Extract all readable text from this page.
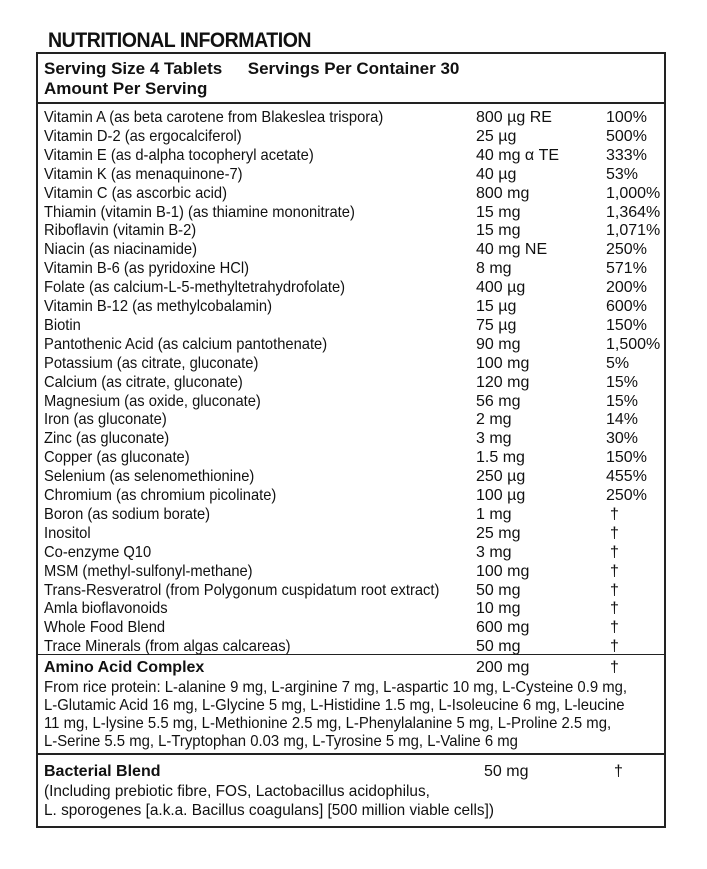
NUTRITIONAL INFORMATION
Serving Size 4 Tablets Servings Per Container 30
Amount Per Serving
Vitamin A (as beta carotene from Blakeslea trispora)	800 µg RE	100%
Vitamin D-2 (as ergocalciferol)	25 µg	500%
Vitamin E (as d-alpha tocopheryl acetate)	40 mg α TE	333%
Vitamin K (as menaquinone-7)	40 µg	53%
Vitamin C (as ascorbic acid)	800 mg	1,000%
Thiamin (vitamin B-1) (as thiamine mononitrate)	15 mg	1,364%
Riboflavin (vitamin B-2)	15 mg	1,071%
Niacin (as niacinamide)	40 mg NE	250%
Vitamin B-6 (as pyridoxine HCl)	8 mg	571%
Folate (as calcium-L-5-methyltetrahydrofolate)	400 µg	200%
Vitamin B-12 (as methylcobalamin)	15 µg	600%
Biotin	75 µg	150%
Pantothenic Acid (as calcium pantothenate)	90 mg	1,500%
Potassium (as citrate, gluconate)	100 mg	5%
Calcium (as citrate, gluconate)	120 mg	15%
Magnesium (as oxide, gluconate)	56 mg	15%
Iron (as gluconate)	2 mg	14%
Zinc (as gluconate)	3 mg	30%
Copper (as gluconate)	1.5 mg	150%
Selenium (as selenomethionine)	250 µg	455%
Chromium (as chromium picolinate)	100 µg	250%
Boron (as sodium borate)	1 mg	†
Inositol	25 mg	†
Co-enzyme Q10	3 mg	†
MSM (methyl-sulfonyl-methane)	100 mg	†
Trans-Resveratrol (from Polygonum cuspidatum root extract) 50 mg	†
Amla bioflavonoids	10 mg	†
Whole Food Blend	600 mg	†
Trace Minerals (from algas calcareas)	50 mg	†
Amino Acid Complex	200 mg	†
From rice protein: L-alanine 9 mg, L-arginine 7 mg, L-aspartic 10 mg, L-Cysteine 0.9 mg,
L-Glutamic Acid 16 mg, L-Glycine 5 mg, L-Histidine 1.5 mg, L-Isoleucine 6 mg, L-leucine
11 mg, L-lysine 5.5 mg, L-Methionine 2.5 mg, L-Phenylalanine 5 mg, L-Proline 2.5 mg,
L-Serine 5.5 mg, L-Tryptophan 0.03 mg, L-Tyrosine 5 mg, L-Valine 6 mg
Bacterial Blend	50 mg	†
(Including prebiotic fibre, FOS, Lactobacillus acidophilus,
L. sporogenes [a.k.a. Bacillus coagulans] [500 million viable cells])
